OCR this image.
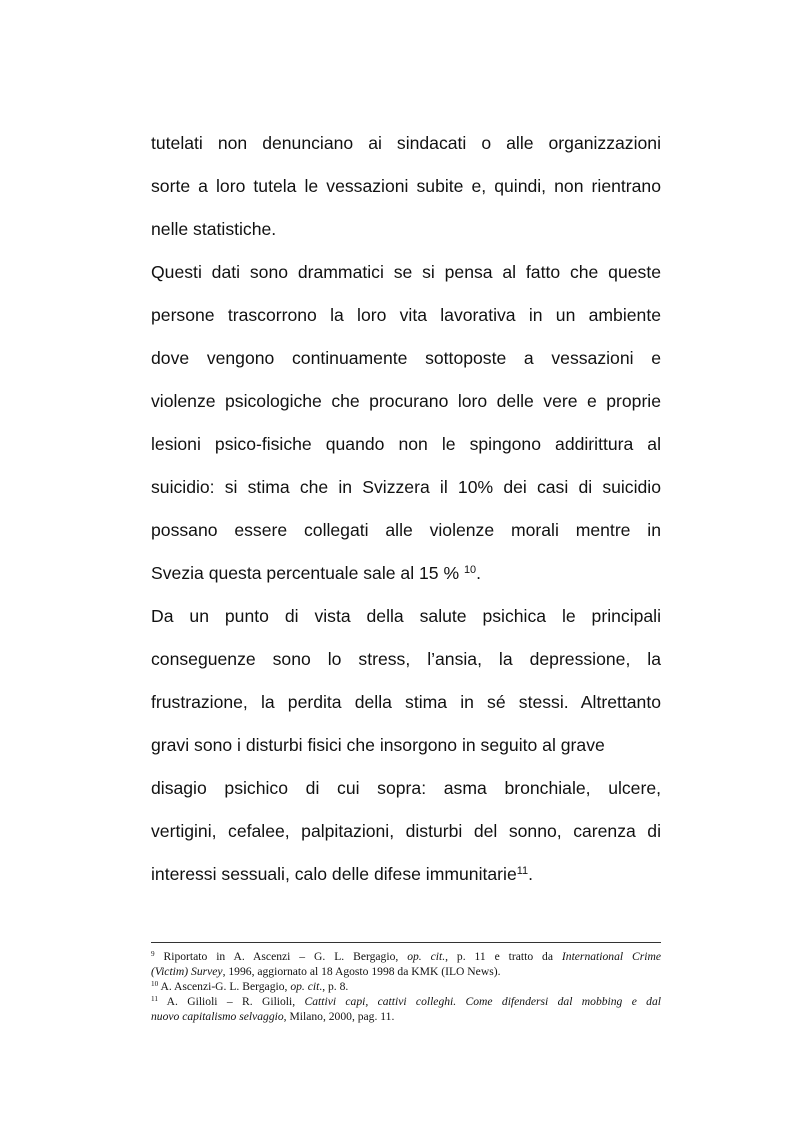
tutelati non denunciano ai sindacati o alle organizzazioni
sorte a loro tutela le vessazioni subite e, quindi, non rientrano
nelle statistiche.
Questi dati sono drammatici se si pensa al fatto che queste
persone trascorrono la loro vita lavorativa in un ambiente
dove vengono continuamente sottoposte a vessazioni e
violenze psicologiche che procurano loro delle vere e proprie
lesioni psico-fisiche quando non le spingono addirittura al
suicidio: si stima che in Svizzera il 10% dei casi di suicidio
possano essere collegati alle violenze morali mentre in
Svezia questa percentuale sale al 15 % $^{10}$.
Da un punto di vista della salute psichica le principali
conseguenze sono lo stress, l’ansia, la depressione, la
frustrazione, la perdita della stima in sé stessi. Altrettanto
gravi sono i disturbi fisici che insorgono in seguito al grave
disagio psichico di cui sopra: asma bronchiale, ulcere,
vertigini, cefalee, palpitazioni, disturbi del sonno, carenza di
interessi sessuali, calo delle difese immunitarie$^{11}$.
$^9$ Riportato in A. Ascenzi – G. L. Bergagio, op. cit., p. 11 e tratto da International Crime
(Victim) Survey, 1996, aggiornato al 18 Agosto 1998 da KMK (ILO News).
$^{10}$ A. Ascenzi-G. L. Bergagio, op. cit., p. 8.
$^{11}$ A. Gilioli – R. Gilioli, Cattivi capi, cattivi colleghi. Come difendersi dal mobbing e dal
nuovo capitalismo selvaggio, Milano, 2000, pag. 11.
